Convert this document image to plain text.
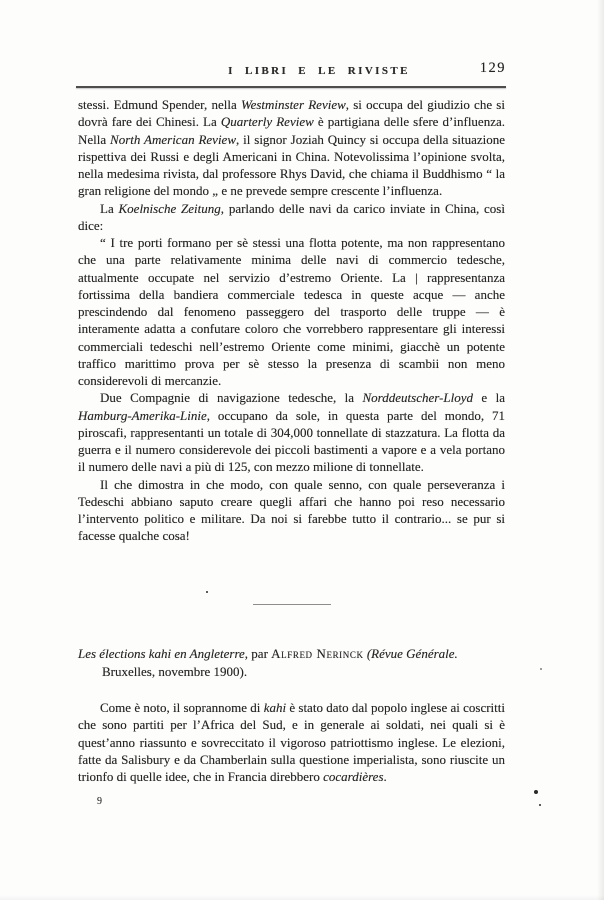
I LIBRI E LE RIVISTE	129

stessi. Edmund Spender, nella Westminster Review, si occupa del giudizio che si dovrà fare dei Chinesi. La Quarterly Review è partigiana delle sfere d’influenza. Nella North American Review, il signor Joziah Quincy si occupa della situazione rispettiva dei Russi e degli Americani in China. Notevolissima l’opinione svolta, nella medesima rivista, dal professore Rhys David, che chiama il Buddhismo “ la gran religione del mondo „ e ne prevede sempre crescente l’influenza.

La Koelnische Zeitung, parlando delle navi da carico inviate in China, così dice:

“ I tre porti formano per sè stessi una flotta potente, ma non rappresentano che una parte relativamente minima delle navi di commercio tedesche, attualmente occupate nel servizio d’estremo Oriente. La | rappresentanza fortissima della bandiera commerciale tedesca in queste acque — anche prescindendo dal fenomeno passeggero del trasporto delle truppe — è interamente adatta a confutare coloro che vorrebbero rappresentare gli interessi commerciali tedeschi nell’estremo Oriente come minimi, giacchè un potente traffico marittimo prova per sè stesso la presenza di scambii non meno considerevoli di mercanzie.

Due Compagnie di navigazione tedesche, la Norddeutscher-Lloyd e la Hamburg-Amerika-Linie, occupano da sole, in questa parte del mondo, 71 piroscafi, rappresentanti un totale di 304,000 tonnellate di stazzatura. La flotta da guerra e il numero considerevole dei piccoli bastimenti a vapore e a vela portano il numero delle navi a più di 125, con mezzo milione di tonnellate.

Il che dimostra in che modo, con quale senno, con quale perseveranza i Tedeschi abbiano saputo creare quegli affari che hanno poi reso necessario l’intervento politico e militare. Da noi si farebbe tutto il contrario... se pur si facesse qualche cosa!

Les élections kahi en Angleterre, par Alfred Nerinck (Révue Générale. Bruxelles, novembre 1900).

Come è noto, il soprannome di kahi è stato dato dal popolo inglese ai coscritti che sono partiti per l’Africa del Sud, e in generale ai soldati, nei quali si è quest’anno riassunto e sovreccitato il vigoroso patriottismo inglese. Le elezioni, fatte da Salisbury e da Chamberlain sulla questione imperialista, sono riuscite un trionfo di quelle idee, che in Francia direbbero cocardières.

9
